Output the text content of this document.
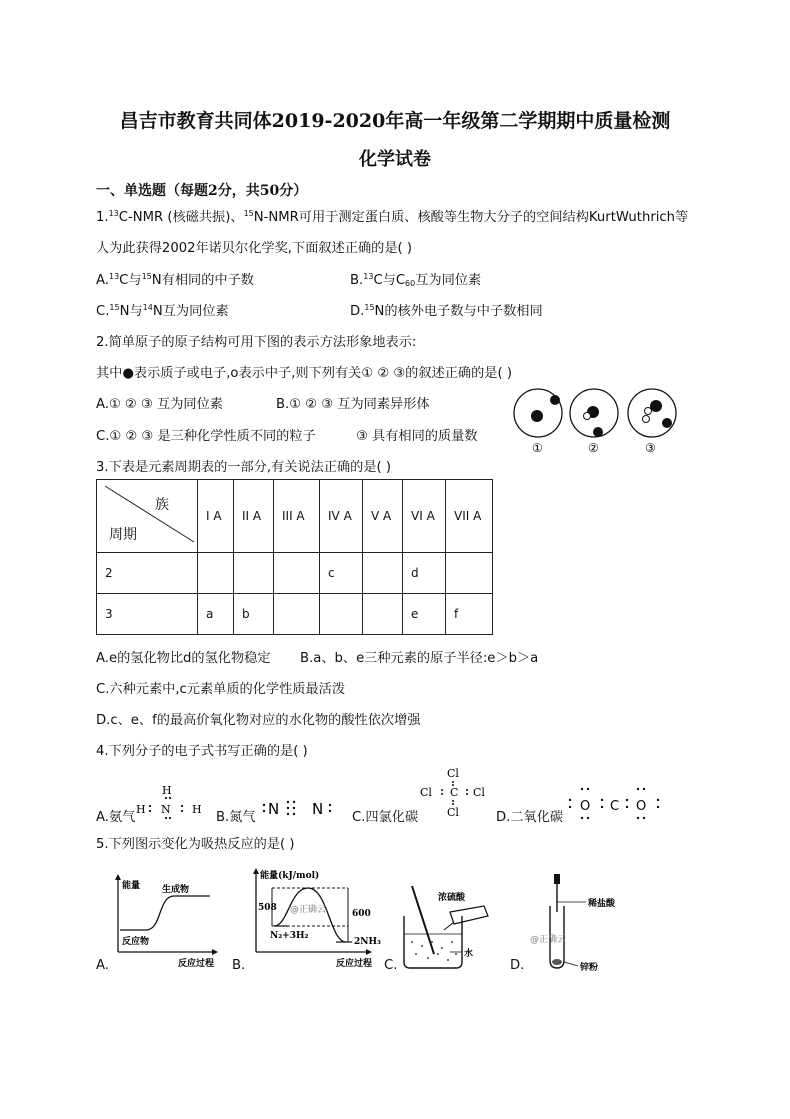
昌吉市教育共同体2019-2020年高一年级第二学期期中质量检测
化学试卷
一、单选题（每题2分，共50分）
1.13C-NMR (核磁共振)、$^{15}$N-NMR可用于测定蛋白质、核酸等生物大分子的空间结构KurtWuthrich等
人为此获得2002年诺贝尔化学奖,下面叙述正确的是( )
A.$^{13}$C与$^{15}$N有相同的中子数	B.$^{13}$C与$C_{60}$互为同位素
C.$^{15}$N与$^{14}$N互为同位素	D.$^{15}$N的核外电子数与中子数相同
2.简单原子的原子结构可用下图的表示方法形象地表示:
其中●表示质子或电子,o表示中子,则下列有关① ② ③的叙述正确的是( )
A.① ② ③ 互为同位素	B.① ② ③ 互为同素异形体
C.① ② ③ 是三种化学性质不同的粒子	③ 具有相同的质量数
①	②	③
3.下表是元素周期表的一部分,有关说法正确的是( )
族
周期	I A	II A	III A	IV A	V A	VI A	VII A
2				c		d	
3	a	b				e	f
A.e的氢化物比d的氢化物稳定 B.a、b、e三种元素的原子半径:e＞b＞a
C.六种元素中,c元素单质的化学性质最活泼
D.c、e、f的最高价氧化物对应的水化物的酸性依次增强
4.下列分子的电子式书写正确的是( )
A.氨气
H
H N H
B.氮气 N N C.四氯化碳
Cl
Cl C Cl
Cl	D.二氧化碳
O C O
5.下列图示变化为吸热反应的是( )
A.
能量 生成物
反应物
反应过程 B.
能量(kJ/mol)
508
600
@正确云
N₂+3H₂
2NH₃
反应过程 C.
浓硫酸
水
D.
稀盐酸
@正确云
锌粉
